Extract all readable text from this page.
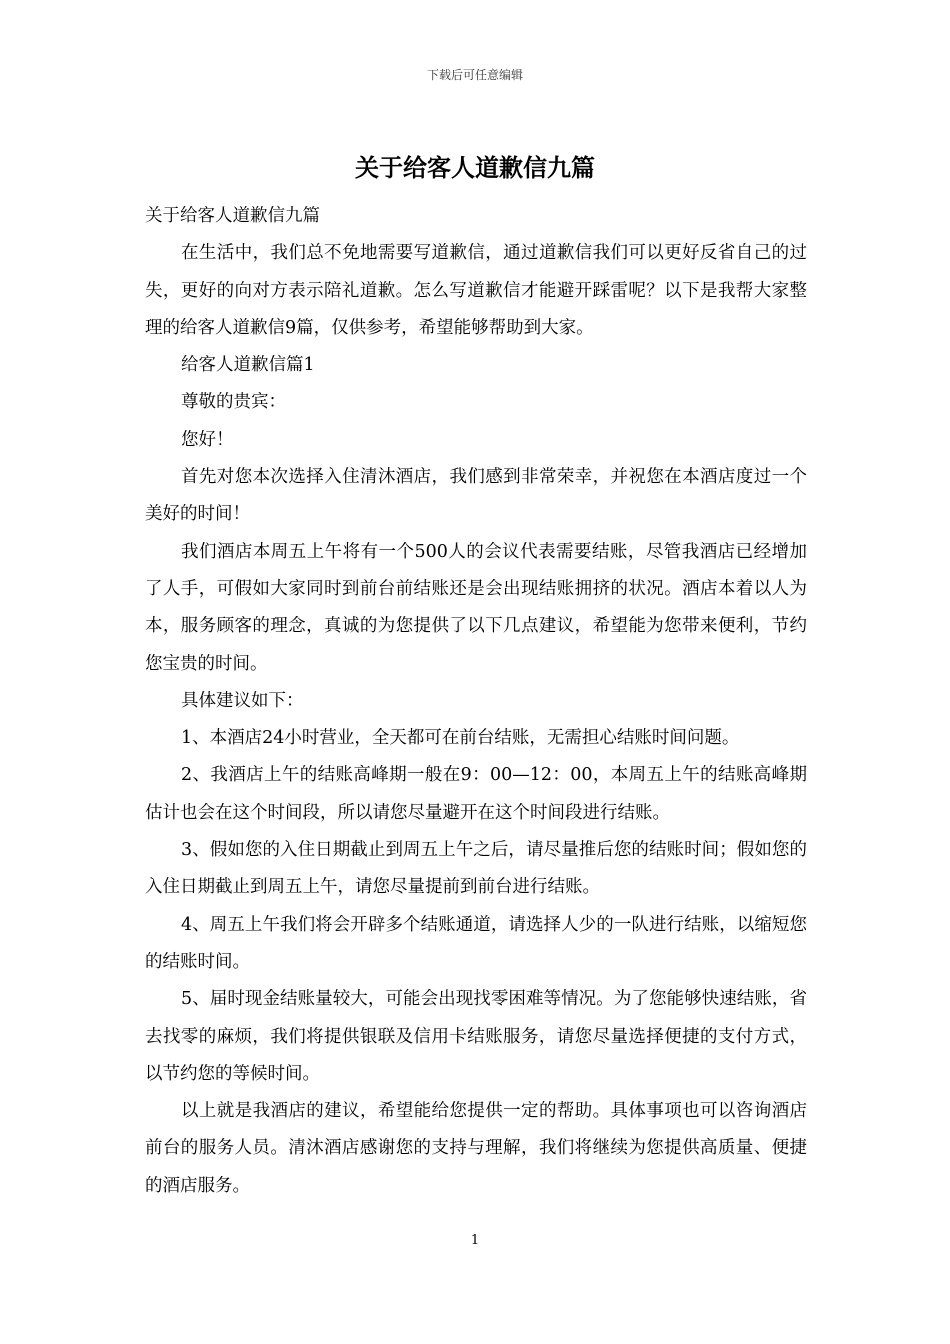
下载后可任意编辑
关于给客人道歉信九篇

关于给客人道歉信九篇

在生活中，我们总不免地需要写道歉信，通过道歉信我们可以更好反省自己的过失，更好的向对方表示陪礼道歉。怎么写道歉信才能避开踩雷呢？以下是我帮大家整理的给客人道歉信9篇，仅供参考，希望能够帮助到大家。

给客人道歉信篇1

尊敬的贵宾：

您好！

首先对您本次选择入住清沐酒店，我们感到非常荣幸，并祝您在本酒店度过一个美好的时间！

我们酒店本周五上午将有一个500人的会议代表需要结账，尽管我酒店已经增加了人手，可假如大家同时到前台前结账还是会出现结账拥挤的状况。酒店本着以人为本，服务顾客的理念，真诚的为您提供了以下几点建议，希望能为您带来便利，节约您宝贵的时间。

具体建议如下：

1、本酒店24小时营业，全天都可在前台结账，无需担心结账时间问题。

2、我酒店上午的结账高峰期一般在9：00—12：00，本周五上午的结账高峰期估计也会在这个时间段，所以请您尽量避开在这个时间段进行结账。

3、假如您的入住日期截止到周五上午之后，请尽量推后您的结账时间；假如您的入住日期截止到周五上午，请您尽量提前到前台进行结账。

4、周五上午我们将会开辟多个结账通道，请选择人少的一队进行结账，以缩短您的结账时间。

5、届时现金结账量较大，可能会出现找零困难等情况。为了您能够快速结账，省去找零的麻烦，我们将提供银联及信用卡结账服务，请您尽量选择便捷的支付方式，以节约您的等候时间。

以上就是我酒店的建议，希望能给您提供一定的帮助。具体事项也可以咨询酒店前台的服务人员。清沐酒店感谢您的支持与理解，我们将继续为您提供高质量、便捷的酒店服务。

1
